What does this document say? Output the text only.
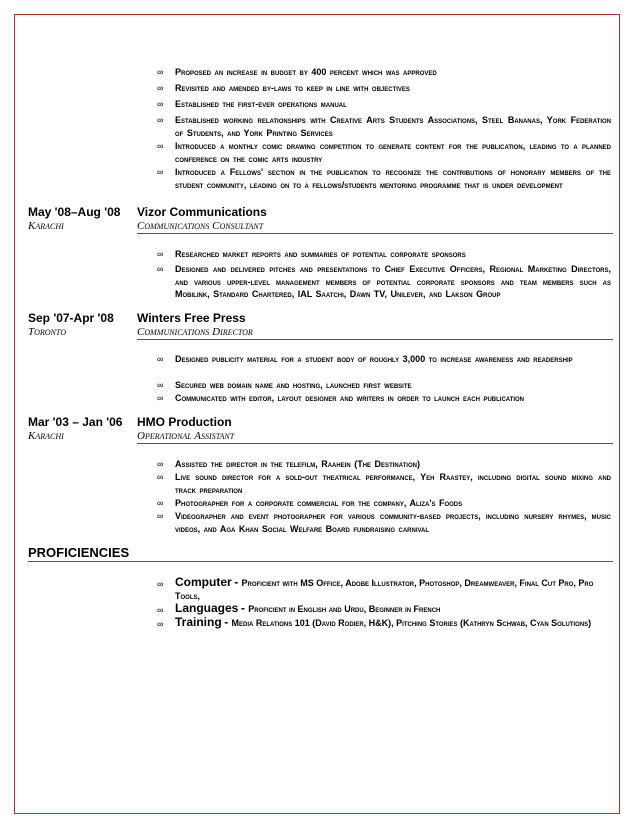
∞ Proposed an increase in budget by 400 percent which was approved
∞ Revisited and amended by-laws to keep in line with objectives
∞ Established the first-ever operations manual
∞ Established working relationships with Creative Arts Students Associations, Steel Bananas, York Federation of Students, and York Printing Services
∞ Introduced a monthly comic drawing competition to generate content for the publication, leading to a planned conference on the comic arts industry
∞ Introduced a Fellows' section in the publication to recognize the contributions of honorary members of the student community, leading on to a fellows/students mentoring programme that is under development
May '08–Aug '08
Karachi
Vizor Communications
Communications Consultant
∞ Researched market reports and summaries of potential corporate sponsors
∞ Designed and delivered pitches and presentations to Chief Executive Officers, Regional Marketing Directors, and various upper-level management members of potential corporate sponsors and team members such as Mobilink, Standard Chartered, IAL Saatchi, Dawn TV, Unilever, and Lakson Group
Sep '07-Apr '08
Toronto
Winters Free Press
Communications Director
∞ Designed publicity material for a student body of roughly 3,000 to increase awareness and readership
∞ Secured web domain name and hosting, launched first website
∞ Communicated with editor, layout designer and writers in order to launch each publication
Mar '03 – Jan '06
Karachi
HMO Production
Operational Assistant
∞ Assisted the director in the telefilm, Raahein (The Destination)
∞ Live sound director for a sold-out theatrical performance, Yeh Raastey, including digital sound mixing and track preparation
∞ Photographer for a corporate commercial for the company, Aliza's Foods
∞ Videographer and event photographer for various community-based projects, including nursery rhymes, music videos, and Aga Khan Social Welfare Board fundraising carnival
PROFICIENCIES
∞ Computer - Proficient with MS Office, Adobe Illustrator, Photoshop, Dreamweaver, Final Cut Pro, Pro Tools,
∞ Languages - Proficient in English and Urdu, Beginner in French
∞ Training - Media Relations 101 (David Rodier, H&K), Pitching Stories (Kathryn Schwab, Cyan Solutions)
